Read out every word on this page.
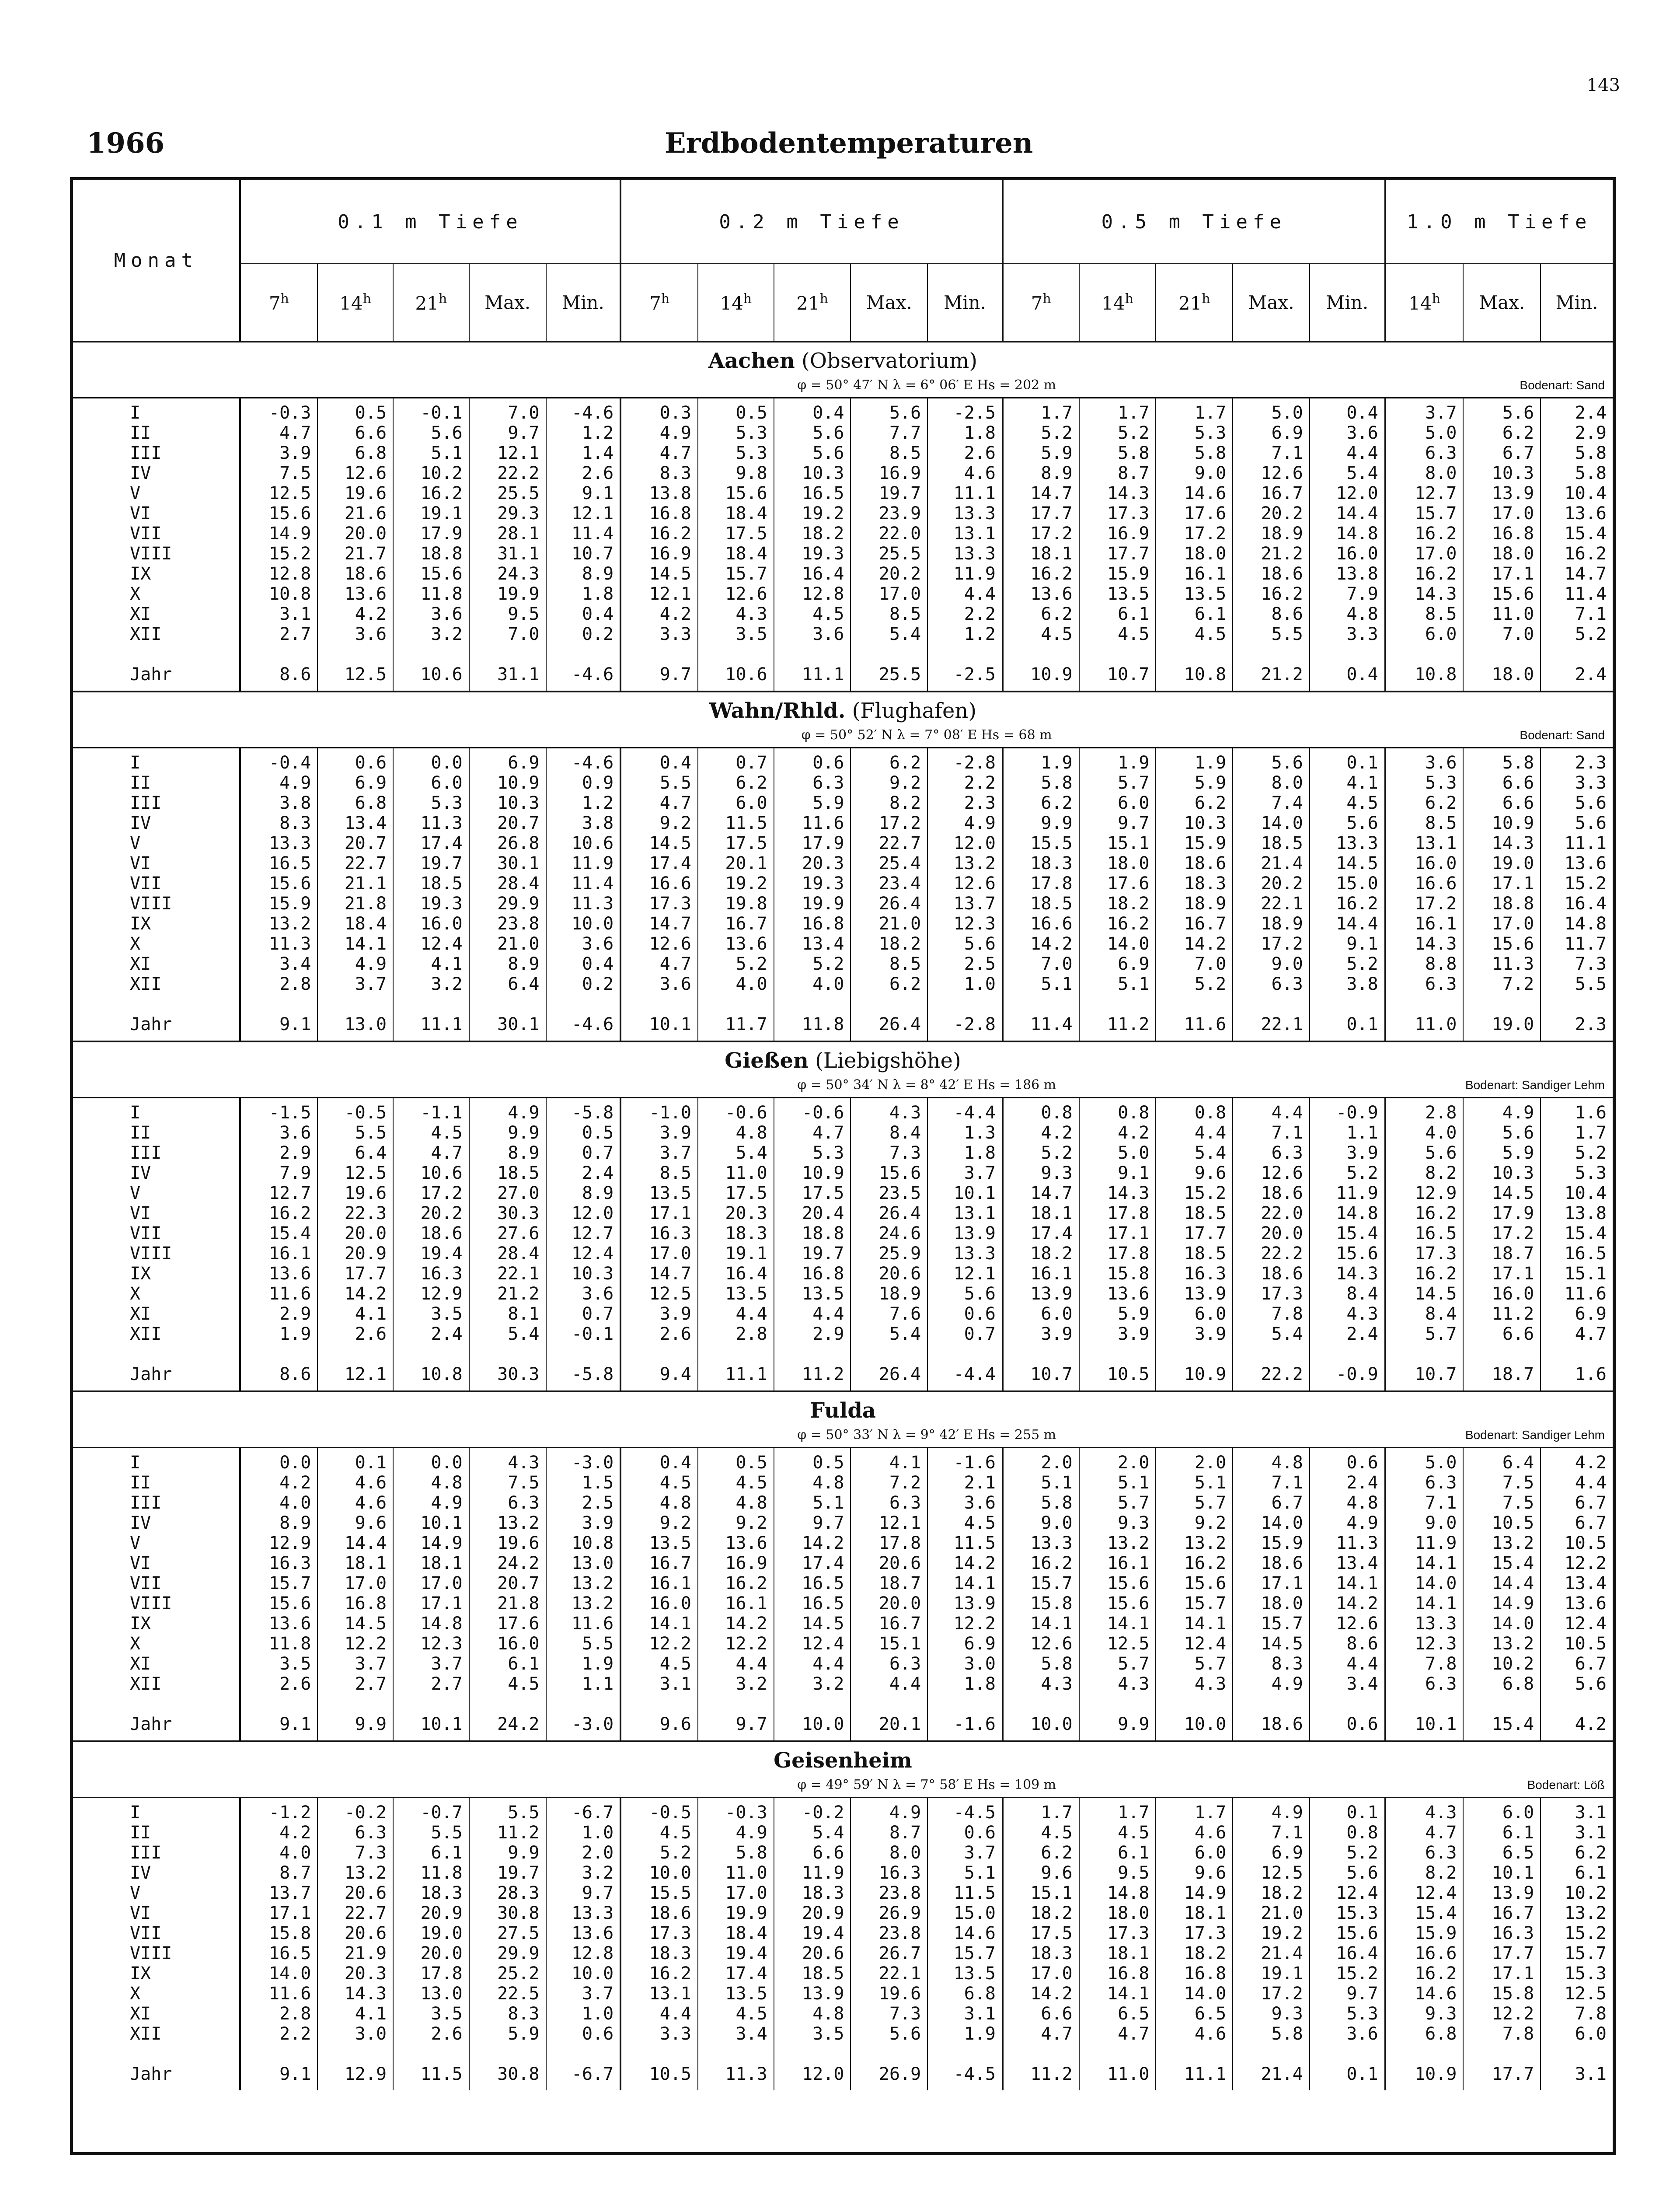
143
1966	Erdbodentemperaturen
Monat	0.1 m Tiefe					0.2 m Tiefe					0.5 m Tiefe					1.0 m Tiefe		
	7$^h$	14$^h$	21$^h$	Max.	Min.	7$^h$	14$^h$	21$^h$	Max.	Min.	7$^h$	14$^h$	21$^h$	Max.	Min.	14$^h$	Max.	Min.
Aachen (Observatorium)																		
						φ = 50° 47′ N λ = 6° 06′ E Hs = 202 m								Bodenart: Sand				
I	-0.3	0.5	-0.1	7.0	-4.6	0.3	0.5	0.4	5.6	-2.5	1.7	1.7	1.7	5.0	0.4	3.7	5.6	2.4
II	4.7	6.6	5.6	9.7	1.2	4.9	5.3	5.6	7.7	1.8	5.2	5.2	5.3	6.9	3.6	5.0	6.2	2.9
III	3.9	6.8	5.1	12.1	1.4	4.7	5.3	5.6	8.5	2.6	5.9	5.8	5.8	7.1	4.4	6.3	6.7	5.8
IV	7.5	12.6	10.2	22.2	2.6	8.3	9.8	10.3	16.9	4.6	8.9	8.7	9.0	12.6	5.4	8.0	10.3	5.8
V	12.5	19.6	16.2	25.5	9.1	13.8	15.6	16.5	19.7	11.1	14.7	14.3	14.6	16.7	12.0	12.7	13.9	10.4
VI	15.6	21.6	19.1	29.3	12.1	16.8	18.4	19.2	23.9	13.3	17.7	17.3	17.6	20.2	14.4	15.7	17.0	13.6
VII	14.9	20.0	17.9	28.1	11.4	16.2	17.5	18.2	22.0	13.1	17.2	16.9	17.2	18.9	14.8	16.2	16.8	15.4
VIII	15.2	21.7	18.8	31.1	10.7	16.9	18.4	19.3	25.5	13.3	18.1	17.7	18.0	21.2	16.0	17.0	18.0	16.2
IX	12.8	18.6	15.6	24.3	8.9	14.5	15.7	16.4	20.2	11.9	16.2	15.9	16.1	18.6	13.8	16.2	17.1	14.7
X	10.8	13.6	11.8	19.9	1.8	12.1	12.6	12.8	17.0	4.4	13.6	13.5	13.5	16.2	7.9	14.3	15.6	11.4
XI	3.1	4.2	3.6	9.5	0.4	4.2	4.3	4.5	8.5	2.2	6.2	6.1	6.1	8.6	4.8	8.5	11.0	7.1
XII	2.7	3.6	3.2	7.0	0.2	3.3	3.5	3.6	5.4	1.2	4.5	4.5	4.5	5.5	3.3	6.0	7.0	5.2
Jahr	8.6	12.5	10.6	31.1	-4.6	9.7	10.6	11.1	25.5	-2.5	10.9	10.7	10.8	21.2	0.4	10.8	18.0	2.4
Wahn/Rhld. (Flughafen)																		
						φ = 50° 52′ N λ = 7° 08′ E Hs = 68 m								Bodenart: Sand				
I	-0.4	0.6	0.0	6.9	-4.6	0.4	0.7	0.6	6.2	-2.8	1.9	1.9	1.9	5.6	0.1	3.6	5.8	2.3
II	4.9	6.9	6.0	10.9	0.9	5.5	6.2	6.3	9.2	2.2	5.8	5.7	5.9	8.0	4.1	5.3	6.6	3.3
III	3.8	6.8	5.3	10.3	1.2	4.7	6.0	5.9	8.2	2.3	6.2	6.0	6.2	7.4	4.5	6.2	6.6	5.6
IV	8.3	13.4	11.3	20.7	3.8	9.2	11.5	11.6	17.2	4.9	9.9	9.7	10.3	14.0	5.6	8.5	10.9	5.6
V	13.3	20.7	17.4	26.8	10.6	14.5	17.5	17.9	22.7	12.0	15.5	15.1	15.9	18.5	13.3	13.1	14.3	11.1
VI	16.5	22.7	19.7	30.1	11.9	17.4	20.1	20.3	25.4	13.2	18.3	18.0	18.6	21.4	14.5	16.0	19.0	13.6
VII	15.6	21.1	18.5	28.4	11.4	16.6	19.2	19.3	23.4	12.6	17.8	17.6	18.3	20.2	15.0	16.6	17.1	15.2
VIII	15.9	21.8	19.3	29.9	11.3	17.3	19.8	19.9	26.4	13.7	18.5	18.2	18.9	22.1	16.2	17.2	18.8	16.4
IX	13.2	18.4	16.0	23.8	10.0	14.7	16.7	16.8	21.0	12.3	16.6	16.2	16.7	18.9	14.4	16.1	17.0	14.8
X	11.3	14.1	12.4	21.0	3.6	12.6	13.6	13.4	18.2	5.6	14.2	14.0	14.2	17.2	9.1	14.3	15.6	11.7
XI	3.4	4.9	4.1	8.9	0.4	4.7	5.2	5.2	8.5	2.5	7.0	6.9	7.0	9.0	5.2	8.8	11.3	7.3
XII	2.8	3.7	3.2	6.4	0.2	3.6	4.0	4.0	6.2	1.0	5.1	5.1	5.2	6.3	3.8	6.3	7.2	5.5
Jahr	9.1	13.0	11.1	30.1	-4.6	10.1	11.7	11.8	26.4	-2.8	11.4	11.2	11.6	22.1	0.1	11.0	19.0	2.3
Gießen (Liebigshöhe)																		
						φ = 50° 34′ N λ = 8° 42′ E Hs = 186 m								Bodenart: Sandiger Lehm				
I	-1.5	-0.5	-1.1	4.9	-5.8	-1.0	-0.6	-0.6	4.3	-4.4	0.8	0.8	0.8	4.4	-0.9	2.8	4.9	1.6
II	3.6	5.5	4.5	9.9	0.5	3.9	4.8	4.7	8.4	1.3	4.2	4.2	4.4	7.1	1.1	4.0	5.6	1.7
III	2.9	6.4	4.7	8.9	0.7	3.7	5.4	5.3	7.3	1.8	5.2	5.0	5.4	6.3	3.9	5.6	5.9	5.2
IV	7.9	12.5	10.6	18.5	2.4	8.5	11.0	10.9	15.6	3.7	9.3	9.1	9.6	12.6	5.2	8.2	10.3	5.3
V	12.7	19.6	17.2	27.0	8.9	13.5	17.5	17.5	23.5	10.1	14.7	14.3	15.2	18.6	11.9	12.9	14.5	10.4
VI	16.2	22.3	20.2	30.3	12.0	17.1	20.3	20.4	26.4	13.1	18.1	17.8	18.5	22.0	14.8	16.2	17.9	13.8
VII	15.4	20.0	18.6	27.6	12.7	16.3	18.3	18.8	24.6	13.9	17.4	17.1	17.7	20.0	15.4	16.5	17.2	15.4
VIII	16.1	20.9	19.4	28.4	12.4	17.0	19.1	19.7	25.9	13.3	18.2	17.8	18.5	22.2	15.6	17.3	18.7	16.5
IX	13.6	17.7	16.3	22.1	10.3	14.7	16.4	16.8	20.6	12.1	16.1	15.8	16.3	18.6	14.3	16.2	17.1	15.1
X	11.6	14.2	12.9	21.2	3.6	12.5	13.5	13.5	18.9	5.6	13.9	13.6	13.9	17.3	8.4	14.5	16.0	11.6
XI	2.9	4.1	3.5	8.1	0.7	3.9	4.4	4.4	7.6	0.6	6.0	5.9	6.0	7.8	4.3	8.4	11.2	6.9
XII	1.9	2.6	2.4	5.4	-0.1	2.6	2.8	2.9	5.4	0.7	3.9	3.9	3.9	5.4	2.4	5.7	6.6	4.7
Jahr	8.6	12.1	10.8	30.3	-5.8	9.4	11.1	11.2	26.4	-4.4	10.7	10.5	10.9	22.2	-0.9	10.7	18.7	1.6
Fulda																		
						φ = 50° 33′ N λ = 9° 42′ E Hs = 255 m								Bodenart: Sandiger Lehm				
I	0.0	0.1	0.0	4.3	-3.0	0.4	0.5	0.5	4.1	-1.6	2.0	2.0	2.0	4.8	0.6	5.0	6.4	4.2
II	4.2	4.6	4.8	7.5	1.5	4.5	4.5	4.8	7.2	2.1	5.1	5.1	5.1	7.1	2.4	6.3	7.5	4.4
III	4.0	4.6	4.9	6.3	2.5	4.8	4.8	5.1	6.3	3.6	5.8	5.7	5.7	6.7	4.8	7.1	7.5	6.7
IV	8.9	9.6	10.1	13.2	3.9	9.2	9.2	9.7	12.1	4.5	9.0	9.3	9.2	14.0	4.9	9.0	10.5	6.7
V	12.9	14.4	14.9	19.6	10.8	13.5	13.6	14.2	17.8	11.5	13.3	13.2	13.2	15.9	11.3	11.9	13.2	10.5
VI	16.3	18.1	18.1	24.2	13.0	16.7	16.9	17.4	20.6	14.2	16.2	16.1	16.2	18.6	13.4	14.1	15.4	12.2
VII	15.7	17.0	17.0	20.7	13.2	16.1	16.2	16.5	18.7	14.1	15.7	15.6	15.6	17.1	14.1	14.0	14.4	13.4
VIII	15.6	16.8	17.1	21.8	13.2	16.0	16.1	16.5	20.0	13.9	15.8	15.6	15.7	18.0	14.2	14.1	14.9	13.6
IX	13.6	14.5	14.8	17.6	11.6	14.1	14.2	14.5	16.7	12.2	14.1	14.1	14.1	15.7	12.6	13.3	14.0	12.4
X	11.8	12.2	12.3	16.0	5.5	12.2	12.2	12.4	15.1	6.9	12.6	12.5	12.4	14.5	8.6	12.3	13.2	10.5
XI	3.5	3.7	3.7	6.1	1.9	4.5	4.4	4.4	6.3	3.0	5.8	5.7	5.7	8.3	4.4	7.8	10.2	6.7
XII	2.6	2.7	2.7	4.5	1.1	3.1	3.2	3.2	4.4	1.8	4.3	4.3	4.3	4.9	3.4	6.3	6.8	5.6
Jahr	9.1	9.9	10.1	24.2	-3.0	9.6	9.7	10.0	20.1	-1.6	10.0	9.9	10.0	18.6	0.6	10.1	15.4	4.2
Geisenheim																		
						φ = 49° 59′ N λ = 7° 58′ E Hs = 109 m								Bodenart: Löß				
I	-1.2	-0.2	-0.7	5.5	-6.7	-0.5	-0.3	-0.2	4.9	-4.5	1.7	1.7	1.7	4.9	0.1	4.3	6.0	3.1
II	4.2	6.3	5.5	11.2	1.0	4.5	4.9	5.4	8.7	0.6	4.5	4.5	4.6	7.1	0.8	4.7	6.1	3.1
III	4.0	7.3	6.1	9.9	2.0	5.2	5.8	6.6	8.0	3.7	6.2	6.1	6.0	6.9	5.2	6.3	6.5	6.2
IV	8.7	13.2	11.8	19.7	3.2	10.0	11.0	11.9	16.3	5.1	9.6	9.5	9.6	12.5	5.6	8.2	10.1	6.1
V	13.7	20.6	18.3	28.3	9.7	15.5	17.0	18.3	23.8	11.5	15.1	14.8	14.9	18.2	12.4	12.4	13.9	10.2
VI	17.1	22.7	20.9	30.8	13.3	18.6	19.9	20.9	26.9	15.0	18.2	18.0	18.1	21.0	15.3	15.4	16.7	13.2
VII	15.8	20.6	19.0	27.5	13.6	17.3	18.4	19.4	23.8	14.6	17.5	17.3	17.3	19.2	15.6	15.9	16.3	15.2
VIII	16.5	21.9	20.0	29.9	12.8	18.3	19.4	20.6	26.7	15.7	18.3	18.1	18.2	21.4	16.4	16.6	17.7	15.7
IX	14.0	20.3	17.8	25.2	10.0	16.2	17.4	18.5	22.1	13.5	17.0	16.8	16.8	19.1	15.2	16.2	17.1	15.3
X	11.6	14.3	13.0	22.5	3.7	13.1	13.5	13.9	19.6	6.8	14.2	14.1	14.0	17.2	9.7	14.6	15.8	12.5
XI	2.8	4.1	3.5	8.3	1.0	4.4	4.5	4.8	7.3	3.1	6.6	6.5	6.5	9.3	5.3	9.3	12.2	7.8
XII	2.2	3.0	2.6	5.9	0.6	3.3	3.4	3.5	5.6	1.9	4.7	4.7	4.6	5.8	3.6	6.8	7.8	6.0
Jahr	9.1	12.9	11.5	30.8	-6.7	10.5	11.3	12.0	26.9	-4.5	11.2	11.0	11.1	21.4	0.1	10.9	17.7	3.1
